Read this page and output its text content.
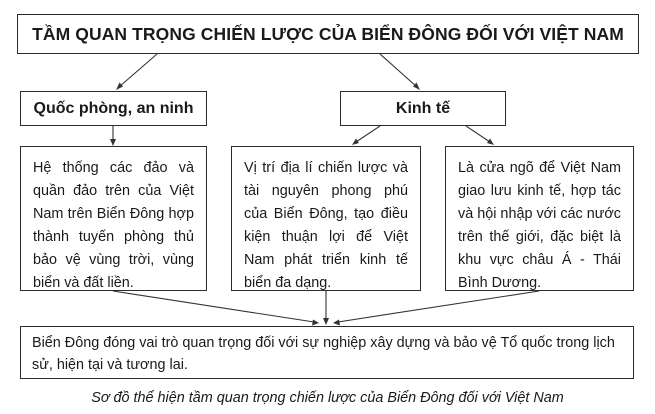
TẦM QUAN TRỌNG CHIẾN LƯỢC CỦA BIỂN ĐÔNG ĐỐI VỚI VIỆT NAM
Quốc phòng, an ninh	Kinh tế
Hệ thống các đảo và quần đảo trên của Việt Nam trên Biển Đông hợp thành tuyến phòng thủ bảo vệ vùng trời, vùng biển và đất liền.
Vị trí địa lí chiến lược và tài nguyên phong phú của Biển Đông, tạo điều kiện thuận lợi để Việt Nam phát triển kinh tế biển đa dạng.
Là cửa ngõ để Việt Nam giao lưu kinh tế, hợp tác và hội nhập với các nước trên thế giới, đặc biệt là khu vực châu Á - Thái Bình Dương.
Biển Đông đóng vai trò quan trọng đối với sự nghiệp xây dựng và bảo vệ Tổ quốc trong lịch sử, hiện tại và tương lai.
Sơ đồ thể hiện tầm quan trọng chiến lược của Biển Đông đối với Việt Nam
